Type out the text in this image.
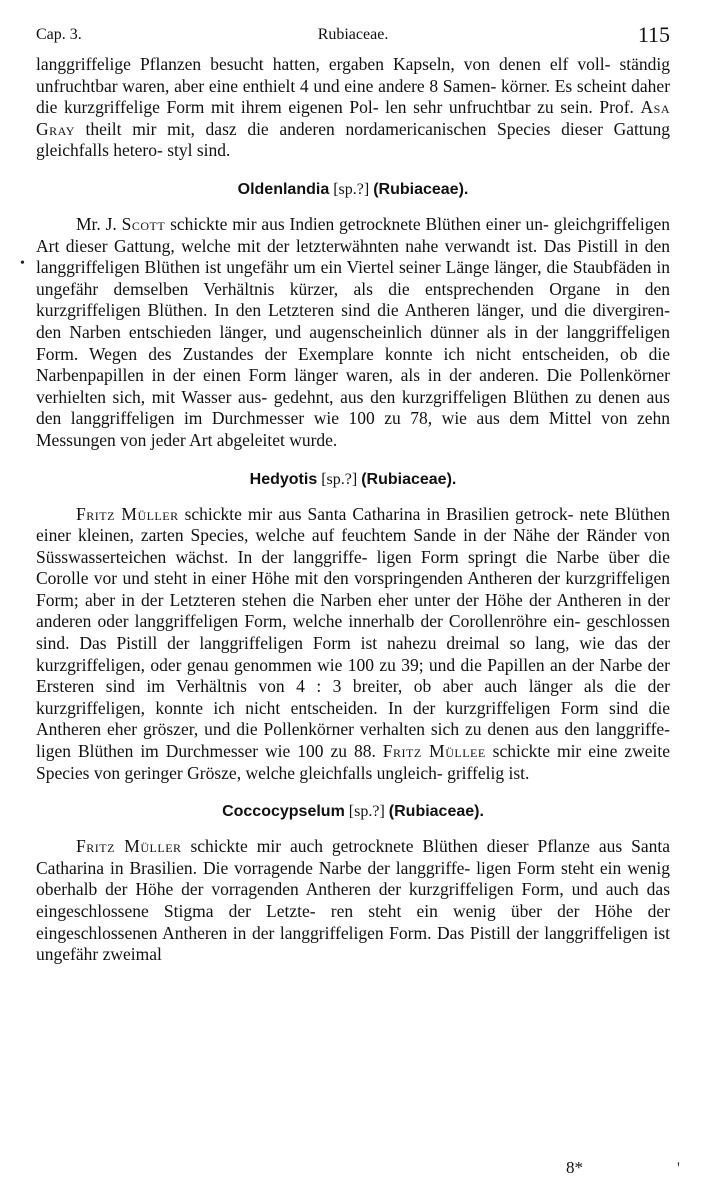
Cap. 3.	Rubiaceae.	115

langgriffelige Pflanzen besucht hatten, ergaben Kapseln, von denen elf voll- ständig unfruchtbar waren, aber eine enthielt 4 und eine andere 8 Samen- körner. Es scheint daher die kurzgriffelige Form mit ihrem eigenen Pol- len sehr unfruchtbar zu sein. Prof. Asa Gray theilt mir mit, dasz die anderen nordamericanischen Species dieser Gattung gleichfalls hetero- styl sind.

Oldenlandia [sp.?] (Rubiaceae).

Mr. J. Scott schickte mir aus Indien getrocknete Blüthen einer un- gleichgriffeligen Art dieser Gattung, welche mit der letzterwähnten nahe verwandt ist. Das Pistill in den langgriffeligen Blüthen ist ungefähr um ein Viertel seiner Länge länger, die Staubfäden in ungefähr demselben Verhältnis kürzer, als die entsprechenden Organe in den kurzgriffeligen Blüthen. In den Letzteren sind die Antheren länger, und die divergiren- den Narben entschieden länger, und augenscheinlich dünner als in der langgriffeligen Form. Wegen des Zustandes der Exemplare konnte ich nicht entscheiden, ob die Narbenpapillen in der einen Form länger waren, als in der anderen. Die Pollenkörner verhielten sich, mit Wasser aus- gedehnt, aus den kurzgriffeligen Blüthen zu denen aus den langgriffeligen im Durchmesser wie 100 zu 78, wie aus dem Mittel von zehn Messungen von jeder Art abgeleitet wurde.

Hedyotis [sp.?] (Rubiaceae).

Fritz Müller schickte mir aus Santa Catharina in Brasilien getrock- nete Blüthen einer kleinen, zarten Species, welche auf feuchtem Sande in der Nähe der Ränder von Süsswasserteichen wächst. In der langgriffe- ligen Form springt die Narbe über die Corolle vor und steht in einer Höhe mit den vorspringenden Antheren der kurzgriffeligen Form; aber in der Letzteren stehen die Narben eher unter der Höhe der Antheren in der anderen oder langgriffeligen Form, welche innerhalb der Corollenröhre ein- geschlossen sind. Das Pistill der langgriffeligen Form ist nahezu dreimal so lang, wie das der kurzgriffeligen, oder genau genommen wie 100 zu 39; und die Papillen an der Narbe der Ersteren sind im Verhältnis von 4 : 3 breiter, ob aber auch länger als die der kurzgriffeligen, konnte ich nicht entscheiden. In der kurzgriffeligen Form sind die Antheren eher gröszer, und die Pollenkörner verhalten sich zu denen aus den langgriffe- ligen Blüthen im Durchmesser wie 100 zu 88. Fritz Müllee schickte mir eine zweite Species von geringer Grösze, welche gleichfalls ungleich- griffelig ist.

Coccocypselum [sp.?] (Rubiaceae).

Fritz Müller schickte mir auch getrocknete Blüthen dieser Pflanze aus Santa Catharina in Brasilien. Die vorragende Narbe der langgriffe- ligen Form steht ein wenig oberhalb der Höhe der vorragenden Antheren der kurzgriffeligen Form, und auch das eingeschlossene Stigma der Letzte- ren steht ein wenig über der Höhe der eingeschlossenen Antheren in der langgriffeligen Form. Das Pistill der langgriffeligen ist ungefähr zweimal

•
8*	'
